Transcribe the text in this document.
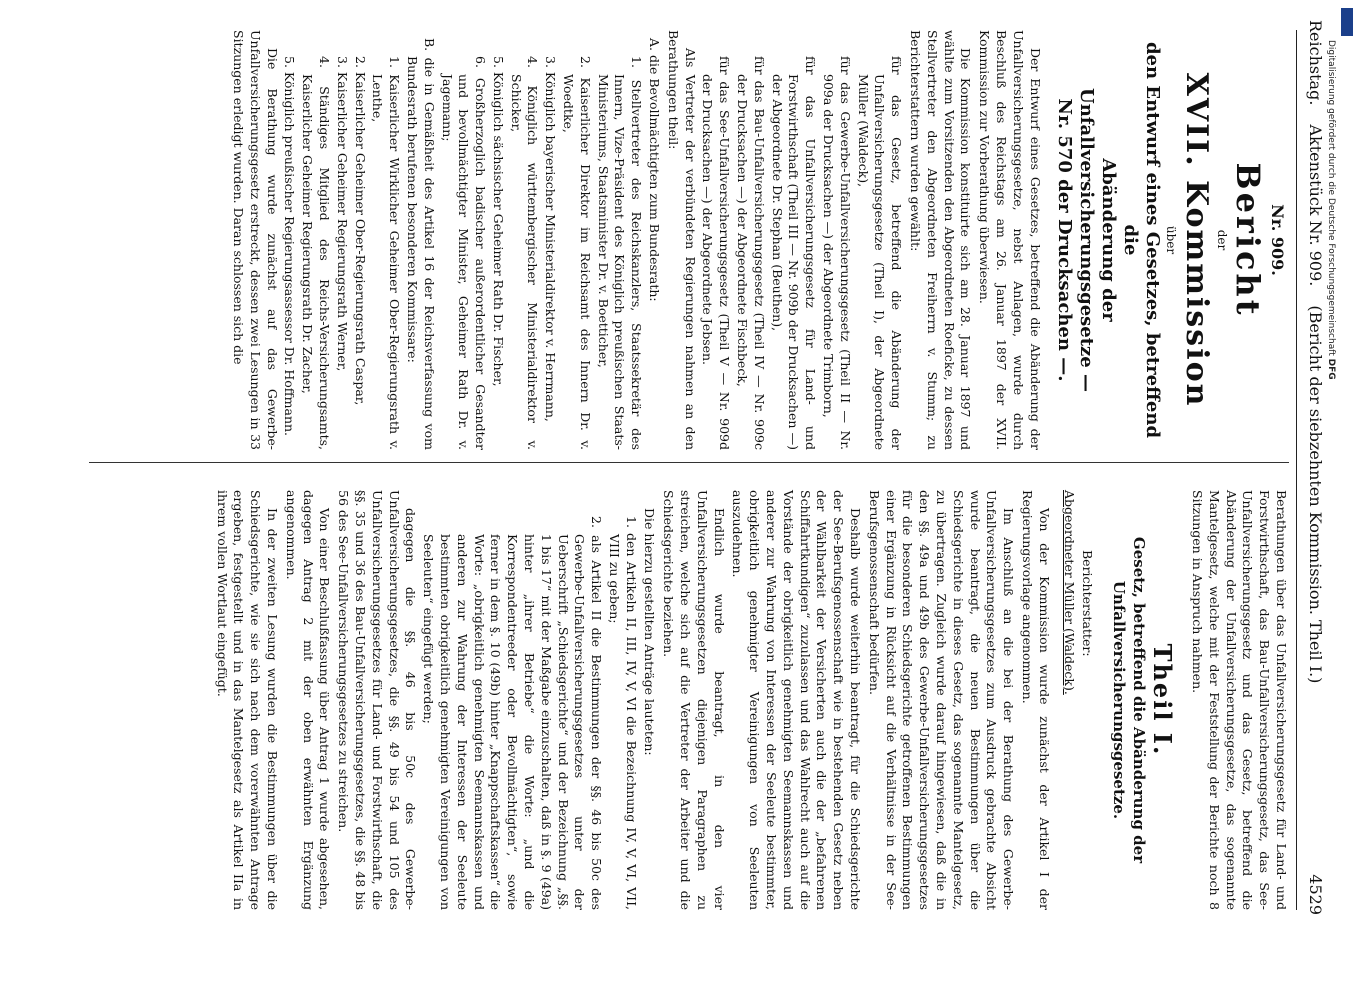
Digitalisierung gefördert durch die Deutsche Forschungsgemeinschaft DFG
Reichstag. Aktenstück Nr. 909. (Bericht der siebzehnten Kommission. Theil I.)
4529
Nr. 909.
Bericht
der
XVII. Kommission
über
den Entwurf eines Gesetzes, betreffend die
Abänderung der Unfallversicherungsgesetze —
Nr. 570 der Drucksachen —.

Der Entwurf eines Gesetzes, betreffend die Abänderung der Unfallversicherungsgesetze, nebst Anlagen, wurde durch Beschluß des Reichstags am 26. Januar 1897 der XVII. Kommission zur Vorberathung überwiesen.

Die Kommission konstituirte sich am 28. Januar 1897 und wählte zum Vorsitzenden den Abgeordneten Roeficke, zu dessen Stellvertreter den Abgeordneten Freiherrn v. Stumm; zu Berichterstattern wurden gewählt:

für das Gesetz, betreffend die Abänderung der Unfallversicherungsgesetze (Theil I), der Abgeordnete Müller (Waldeck),
für das Gewerbe-Unfallversicherungsgesetz (Theil II — Nr. 909a der Drucksachen —) der Abgeordnete Trimborn,
für das Unfallversicherungsgesetz für Land- und Forstwirthschaft (Theil III — Nr. 909b der Drucksachen —) der Abgeordnete Dr. Stephan (Beuthen),
für das Bau-Unfallversicherungsgesetz (Theil IV — Nr. 909c der Drucksachen —) der Abgeordnete Fischbeck,
für das See-Unfallversicherungsgesetz (Theil V — Nr. 909d der Drucksachen —) der Abgeordnete Jebsen.

Als Vertreter der verbündeten Regierungen nahmen an den Berathungen theil:

A. die Bevollmächtigten zum Bundesrath:
1. Stellvertreter des Reichskanzlers, Staatssekretär des Innern, Vize-Präsident des Königlich preußischen Staats-Ministeriums, Staatsminister Dr. v. Boetticher,
2. Kaiserlicher Direktor im Reichsamt des Innern Dr. v. Woedtke,
3. Königlich bayerischer Ministerialdirektor v. Herrmann,
4. Königlich württembergischer Ministerialdirektor v. Schicker,
5. Königlich sächsischer Geheimer Rath Dr. Fischer,
6. Großherzoglich badischer außerordentlicher Gesandter und bevollmächtigter Minister, Geheimer Rath Dr. v. Jagemann;
B. die in Gemäßheit des Artikel 16 der Reichsverfassung vom Bundesrath berufenen besonderen Kommissare:
1. Kaiserlicher Wirklicher Geheimer Ober-Regierungsrath v. Lenthe,
2. Kaiserlicher Geheimer Ober-Regierungsrath Caspar,
3. Kaiserlicher Geheimer Regierungsrath Werner,
4. Ständiges Mitglied des Reichs-Versicherungsamts, Kaiserlicher Geheimer Regierungsrath Dr. Zacher,
5. Königlich preußischer Regierungsassessor Dr. Hoffmann.

Die Berathung wurde zunächst auf das Gewerbe-Unfallversicherungsgesetz erstreckt, dessen zwei Lesungen in 33 Sitzungen erledigt wurden. Daran schlossen sich die

Berathungen über das Unfallversicherungsgesetz für Land- und Forstwirthschaft, das Bau-Unfallversicherungsgesetz, das See-Unfallversicherungsgesetz und das Gesetz, betreffend die Abänderung der Unfallversicherungsgesetze, das sogenannte Mantelgesetz, welche mit der Feststellung der Berichte noch 8 Sitzungen in Anspruch nahmen.

Theil I.
Gesetz, betreffend die Abänderung der Unfallversicherungsgesetze.
Berichterstatter:
Abgeordneter Müller (Waldeck).

Von der Kommission wurde zunächst der Artikel I der Regierungsvorlage angenommen.

Im Anschluß an die bei der Berathung des Gewerbe-Unfallversicherungsgesetzes zum Ausdruck gebrachte Absicht wurde beantragt, die neuen Bestimmungen über die Schiedsgerichte in dieses Gesetz, das sogenannte Mantelgesetz, zu übertragen. Zugleich wurde darauf hingewiesen, daß die in den §§. 49a und 49b des Gewerbe-Unfallversicherungsgesetzes für die besonderen Schiedsgerichte getroffenen Bestimmungen einer Ergänzung in Rücksicht auf die Verhältnisse in der See-Berufsgenossenschaft bedürfen.

Deshalb wurde weiterhin beantragt, für die Schiedsgerichte der See-Berufsgenossenschaft wie in bestehenden Gesetz neben der Wählbarkeit der Versicherten auch die der „befahrenen Schiffahrtkundigen“ zuzulassen und das Wahlrecht auch auf die Vorstände der obrigkeitlich genehmigten Seemannskassen und anderer zur Wahrung von Interessen der Seeleute bestimmter, obrigkeitlich genehmigter Vereinigungen von Seeleuten auszudehnen.

Endlich wurde beantragt, in den vier Unfallversicherungsgesetzen diejenigen Paragraphen zu streichen, welche sich auf die Vertreter der Arbeiter und die Schiedsgerichte beziehen.

Die hierzu gestellten Anträge lauteten:

1. den Artikeln II, III, IV, V, VI die Bezeichnung IV, V, VI, VII, VIII zu geben;
2. als Artikel II die Bestimmungen der §§. 46 bis 50c des Gewerbe-Unfallversicherungsgesetzes unter der Ueberschrift „Schiedsgerichte“ und der Bezeichnung „§§. 1 bis 17“ mit der Maßgabe einzuschalten, daß in §. 9 (49a) hinter „ihrer Betriebe“ die Worte: „und die Korrespondentreeder oder Bevollmächtigten“, sowie ferner in dem §. 10 (49b) hinter „Knappschaftskassen“ die Worte: „obrigkeitlich genehmigten Seemannskassen und anderen zur Wahrung der Interessen der Seeleute bestimmten obrigkeitlich genehmigten Vereinigungen von Seeleuten“ eingefügt werden;

dagegen die §§. 46 bis 50c des Gewerbe-Unfallversicherungsgesetzes, die §§. 49 bis 54 und 105 des Unfallversicherungsgesetzes für Land- und Forstwirthschaft, die §§. 35 und 36 des Bau-Unfallversicherungsgesetzes, die §§. 48 bis 56 des See-Unfallversicherungsgesetzes zu streichen.

Von einer Beschlußfassung über Antrag 1 wurde abgesehen, dagegen Antrag 2 mit der oben erwähnten Ergänzung angenommen.

In der zweiten Lesung wurden die Bestimmungen über die Schiedsgerichte, wie sie sich nach dem vorerwähnten Antrage ergeben, festgestellt und in das Mantelgesetz als Artikel IIa in ihrem vollen Wortlaut eingefügt.
